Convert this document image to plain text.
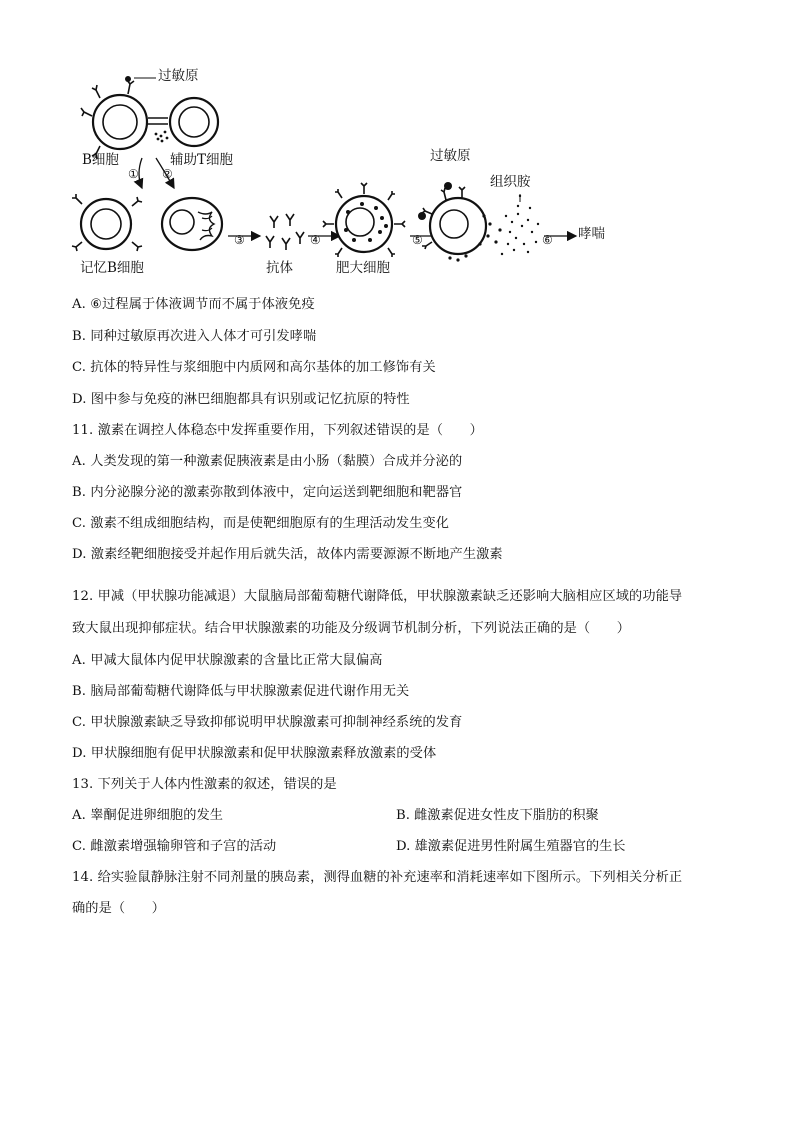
过敏原
B细胞	辅助T细胞
① ②
记忆B细胞
③
抗体
④
肥大细胞
过敏原
⑤
组织胺
⑥ 哮喘
A. ⑥过程属于体液调节而不属于体液免疫
B. 同种过敏原再次进入人体才可引发哮喘
C. 抗体的特异性与浆细胞中内质网和高尔基体的加工修饰有关
D. 图中参与免疫的淋巴细胞都具有识别或记忆抗原的特性
11. 激素在调控人体稳态中发挥重要作用，下列叙述错误的是（　　）
A. 人类发现的第一种激素促胰液素是由小肠（黏膜）合成并分泌的
B. 内分泌腺分泌的激素弥散到体液中，定向运送到靶细胞和靶器官
C. 激素不组成细胞结构，而是使靶细胞原有的生理活动发生变化
D. 激素经靶细胞接受并起作用后就失活，故体内需要源源不断地产生激素
12. 甲减（甲状腺功能减退）大鼠脑局部葡萄糖代谢降低，甲状腺激素缺乏还影响大脑相应区域的功能导
致大鼠出现抑郁症状。结合甲状腺激素的功能及分级调节机制分析，下列说法正确的是（　　）
A. 甲减大鼠体内促甲状腺激素的含量比正常大鼠偏高
B. 脑局部葡萄糖代谢降低与甲状腺激素促进代谢作用无关
C. 甲状腺激素缺乏导致抑郁说明甲状腺激素可抑制神经系统的发育
D. 甲状腺细胞有促甲状腺激素和促甲状腺激素释放激素的受体
13. 下列关于人体内性激素的叙述，错误的是
A. 睾酮促进卵细胞的发生	B. 雌激素促进女性皮下脂肪的积聚
C. 雌激素增强输卵管和子宫的活动	D. 雄激素促进男性附属生殖器官的生长
14. 给实验鼠静脉注射不同剂量的胰岛素，测得血糖的补充速率和消耗速率如下图所示。下列相关分析正
确的是（　　）
